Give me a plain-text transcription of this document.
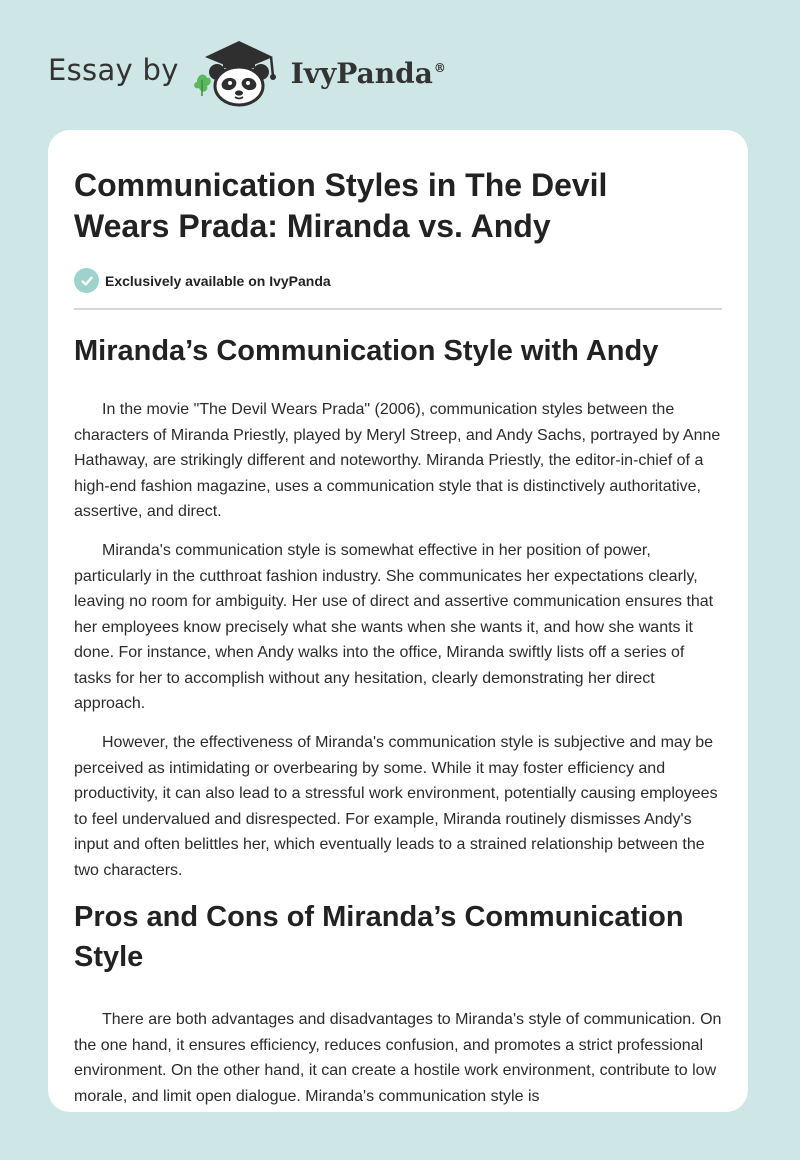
Essay by	IvyPanda®
Communication Styles in The Devil Wears Prada: Miranda vs. Andy
Exclusively available on IvyPanda
Miranda’s Communication Style with Andy

In the movie "The Devil Wears Prada" (2006), communication styles between the characters of Miranda Priestly, played by Meryl Streep, and Andy Sachs, portrayed by Anne Hathaway, are strikingly different and noteworthy. Miranda Priestly, the editor-in-chief of a high-end fashion magazine, uses a communication style that is distinctively authoritative, assertive, and direct.

Miranda's communication style is somewhat effective in her position of power, particularly in the cutthroat fashion industry. She communicates her expectations clearly, leaving no room for ambiguity. Her use of direct and assertive communication ensures that her employees know precisely what she wants when she wants it, and how she wants it done. For instance, when Andy walks into the office, Miranda swiftly lists off a series of tasks for her to accomplish without any hesitation, clearly demonstrating her direct approach.

However, the effectiveness of Miranda's communication style is subjective and may be perceived as intimidating or overbearing by some. While it may foster efficiency and productivity, it can also lead to a stressful work environment, potentially causing employees to feel undervalued and disrespected. For example, Miranda routinely dismisses Andy's input and often belittles her, which eventually leads to a strained relationship between the two characters.

Pros and Cons of Miranda’s Communication Style

There are both advantages and disadvantages to Miranda's style of communication. On the one hand, it ensures efficiency, reduces confusion, and promotes a strict professional environment. On the other hand, it can create a hostile work environment, contribute to low morale, and limit open dialogue. Miranda's communication style is
